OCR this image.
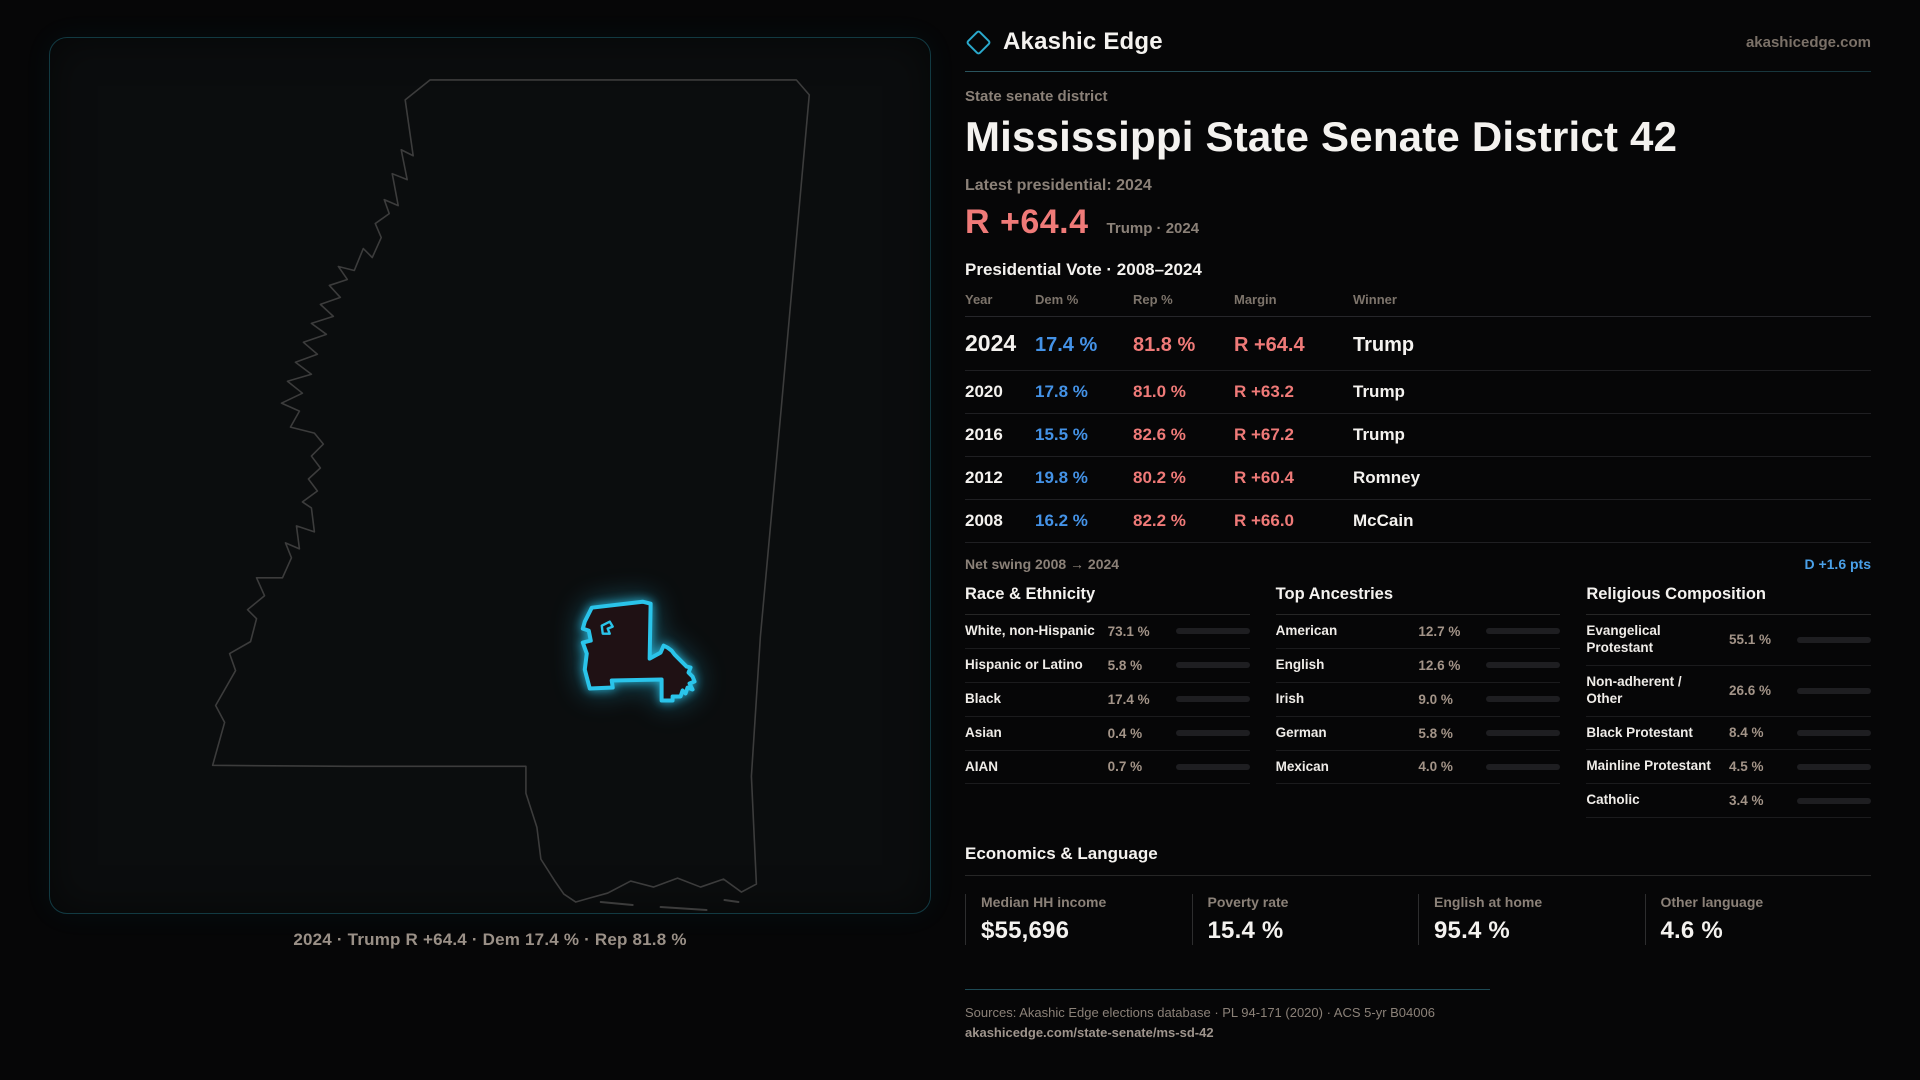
2024 · Trump R +64.4 · Dem 17.4 % · Rep 81.8 %
Akashic Edge	akashicedge.com
State senate district
Mississippi State Senate District 42
Latest presidential: 2024
R +64.4 Trump · 2024
Presidential Vote · 2008–2024
Year	Dem %	Rep %	Margin	Winner
2024 17.4 %	81.8 %	R +64.4	Trump
2020	17.8 %	81.0 %	R +63.2	Trump
2016	15.5 %	82.6 %	R +67.2	Trump
2012	19.8 %	80.2 %	R +60.4	Romney
2008	16.2 %	82.2 %	R +66.0	McCain
Net swing 2008 → 2024	D +1.6 pts
Race & Ethnicity
White, non-Hispanic 73.1 %
Hispanic or Latino	5.8 %
Black	17.4 %
Asian	0.4 %
AIAN	0.7 %
Top Ancestries
American	12.7 %
English	12.6 %
Irish	9.0 %
German	5.8 %
Mexican	4.0 %
Religious Composition
Evangelical Protestant	55.1 %
Non-adherent / Other	26.6 %
Black Protestant	8.4 %
Mainline Protestant	4.5 %
Catholic	3.4 %
Economics & Language
Median HH income
$55,696
Poverty rate
15.4 %
English at home
95.4 %
Other language
4.6 %
Sources: Akashic Edge elections database · PL 94-171 (2020) · ACS 5-yr B04006
akashicedge.com/state-senate/ms-sd-42
